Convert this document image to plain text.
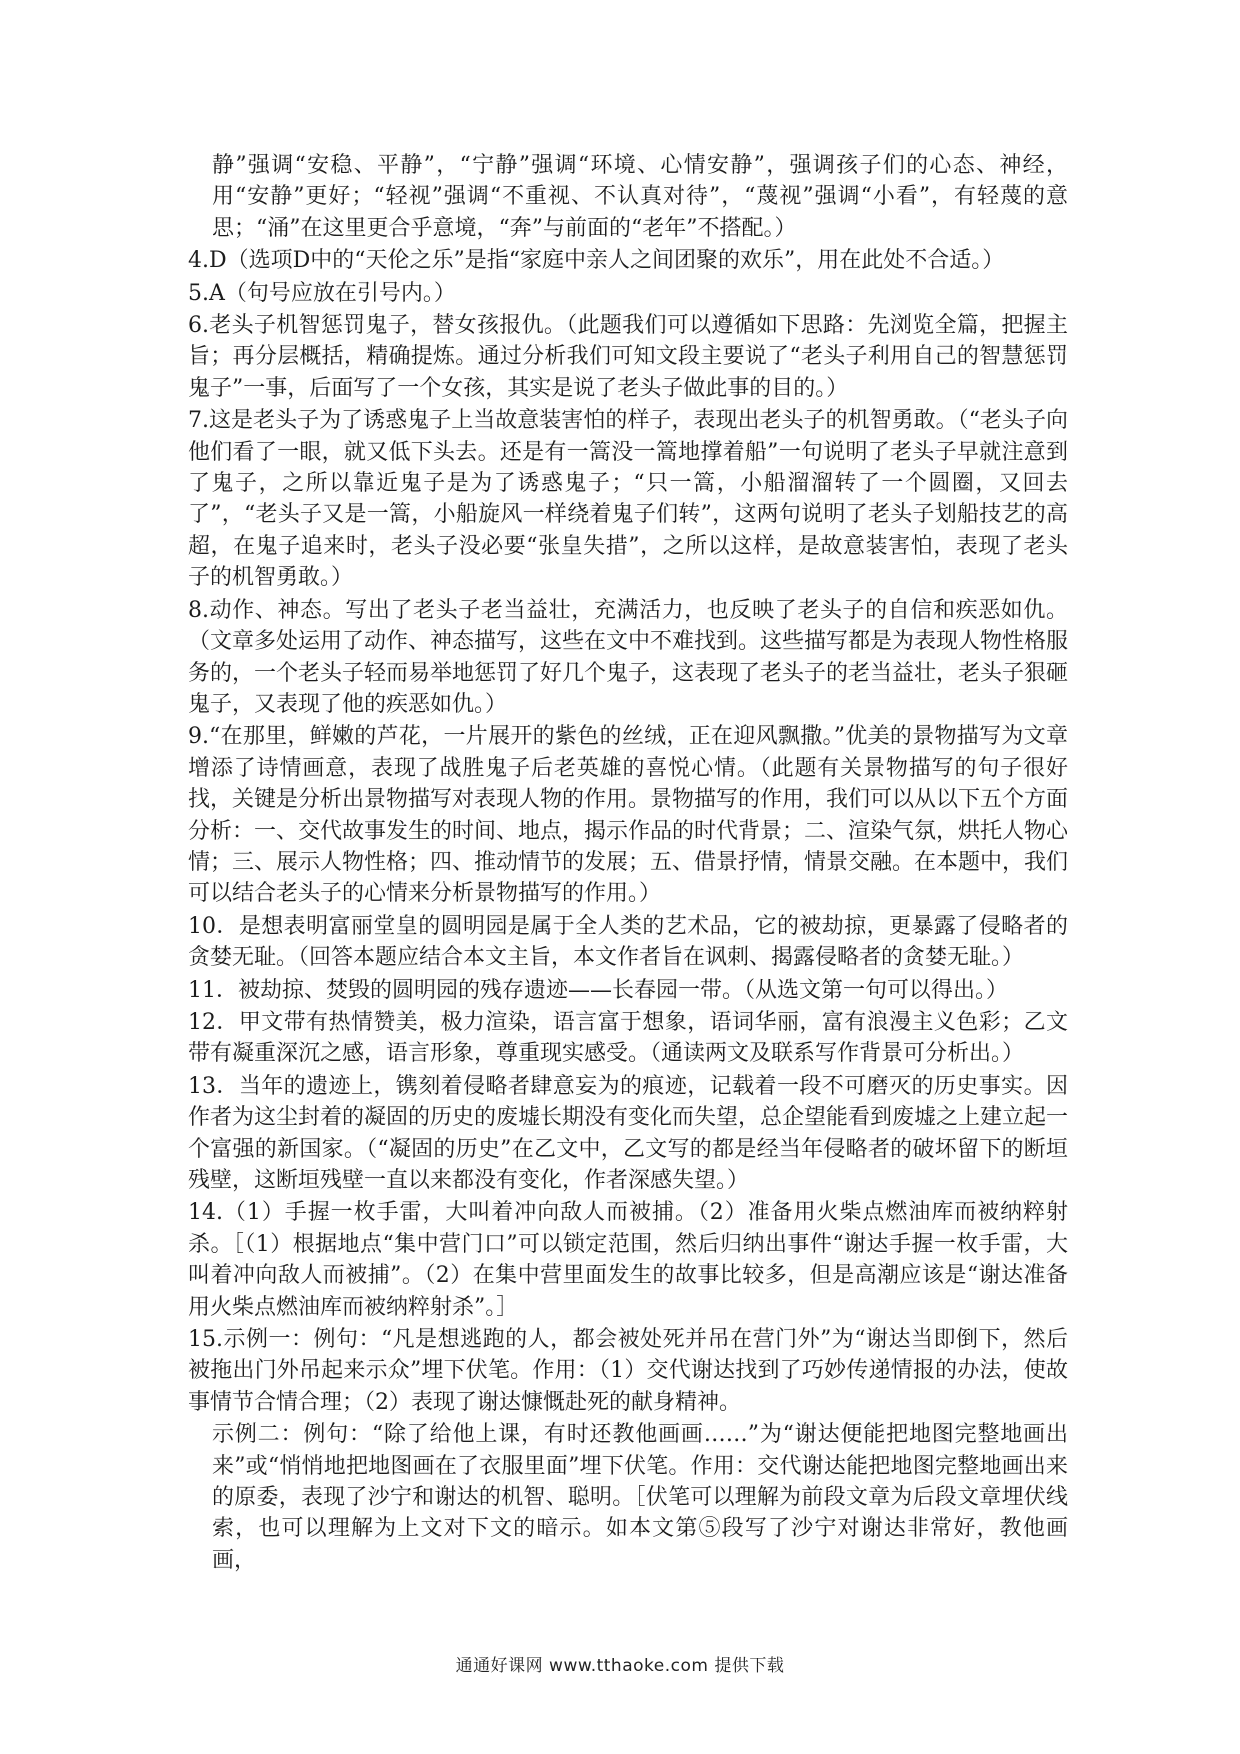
静”强调“安稳、平静”，“宁静”强调“环境、心情安静”，强调孩子们的心态、神经，用“安静”更好；“轻视”强调“不重视、不认真对待”，“蔑视”强调“小看”，有轻蔑的意思；“涌”在这里更合乎意境，“奔”与前面的“老年”不搭配。）

4.D（选项D中的“天伦之乐”是指“家庭中亲人之间团聚的欢乐”，用在此处不合适。）

5.A（句号应放在引号内。）

6.老头子机智惩罚鬼子，替女孩报仇。（此题我们可以遵循如下思路：先浏览全篇，把握主旨；再分层概括，精确提炼。通过分析我们可知文段主要说了“老头子利用自己的智慧惩罚鬼子”一事，后面写了一个女孩，其实是说了老头子做此事的目的。）

7.这是老头子为了诱惑鬼子上当故意装害怕的样子，表现出老头子的机智勇敢。（“老头子向他们看了一眼，就又低下头去。还是有一篙没一篙地撑着船”一句说明了老头子早就注意到了鬼子，之所以靠近鬼子是为了诱惑鬼子；“只一篙，小船溜溜转了一个圆圈，又回去了”，“老头子又是一篙，小船旋风一样绕着鬼子们转”，这两句说明了老头子划船技艺的高超，在鬼子追来时，老头子没必要“张皇失措”，之所以这样，是故意装害怕，表现了老头子的机智勇敢。）

8.动作、神态。写出了老头子老当益壮，充满活力，也反映了老头子的自信和疾恶如仇。（文章多处运用了动作、神态描写，这些在文中不难找到。这些描写都是为表现人物性格服务的，一个老头子轻而易举地惩罚了好几个鬼子，这表现了老头子的老当益壮，老头子狠砸鬼子，又表现了他的疾恶如仇。）

9.“在那里，鲜嫩的芦花，一片展开的紫色的丝绒，正在迎风飘撒。”优美的景物描写为文章增添了诗情画意，表现了战胜鬼子后老英雄的喜悦心情。（此题有关景物描写的句子很好找，关键是分析出景物描写对表现人物的作用。景物描写的作用，我们可以从以下五个方面分析：一、交代故事发生的时间、地点，揭示作品的时代背景；二、渲染气氛，烘托人物心情；三、展示人物性格；四、推动情节的发展；五、借景抒情，情景交融。在本题中，我们可以结合老头子的心情来分析景物描写的作用。）

10．是想表明富丽堂皇的圆明园是属于全人类的艺术品，它的被劫掠，更暴露了侵略者的贪婪无耻。（回答本题应结合本文主旨，本文作者旨在讽刺、揭露侵略者的贪婪无耻。）

11．被劫掠、焚毁的圆明园的残存遗迹——长春园一带。（从选文第一句可以得出。）

12．甲文带有热情赞美，极力渲染，语言富于想象，语词华丽，富有浪漫主义色彩；乙文带有凝重深沉之感，语言形象，尊重现实感受。（通读两文及联系写作背景可分析出。）

13．当年的遗迹上，镌刻着侵略者肆意妄为的痕迹，记载着一段不可磨灭的历史事实。因作者为这尘封着的凝固的历史的废墟长期没有变化而失望，总企望能看到废墟之上建立起一个富强的新国家。（“凝固的历史”在乙文中，乙文写的都是经当年侵略者的破坏留下的断垣残壁，这断垣残壁一直以来都没有变化，作者深感失望。）

14.（1）手握一枚手雷，大叫着冲向敌人而被捕。（2）准备用火柴点燃油库而被纳粹射杀。［（1）根据地点“集中营门口”可以锁定范围，然后归纳出事件“谢达手握一枚手雷，大叫着冲向敌人而被捕”。（2）在集中营里面发生的故事比较多，但是高潮应该是“谢达准备用火柴点燃油库而被纳粹射杀”。］

15.示例一：例句：“凡是想逃跑的人，都会被处死并吊在营门外”为“谢达当即倒下，然后被拖出门外吊起来示众”埋下伏笔。作用：（1）交代谢达找到了巧妙传递情报的办法，使故事情节合情合理；（2）表现了谢达慷慨赴死的献身精神。

示例二：例句：“除了给他上课，有时还教他画画……”为“谢达便能把地图完整地画出来”或“悄悄地把地图画在了衣服里面”埋下伏笔。作用：交代谢达能把地图完整地画出来的原委，表现了沙宁和谢达的机智、聪明。［伏笔可以理解为前段文章为后段文章埋伏线索，也可以理解为上文对下文的暗示。如本文第⑤段写了沙宁对谢达非常好，教他画画，

通通好课网 www.tthaoke.com 提供下载
